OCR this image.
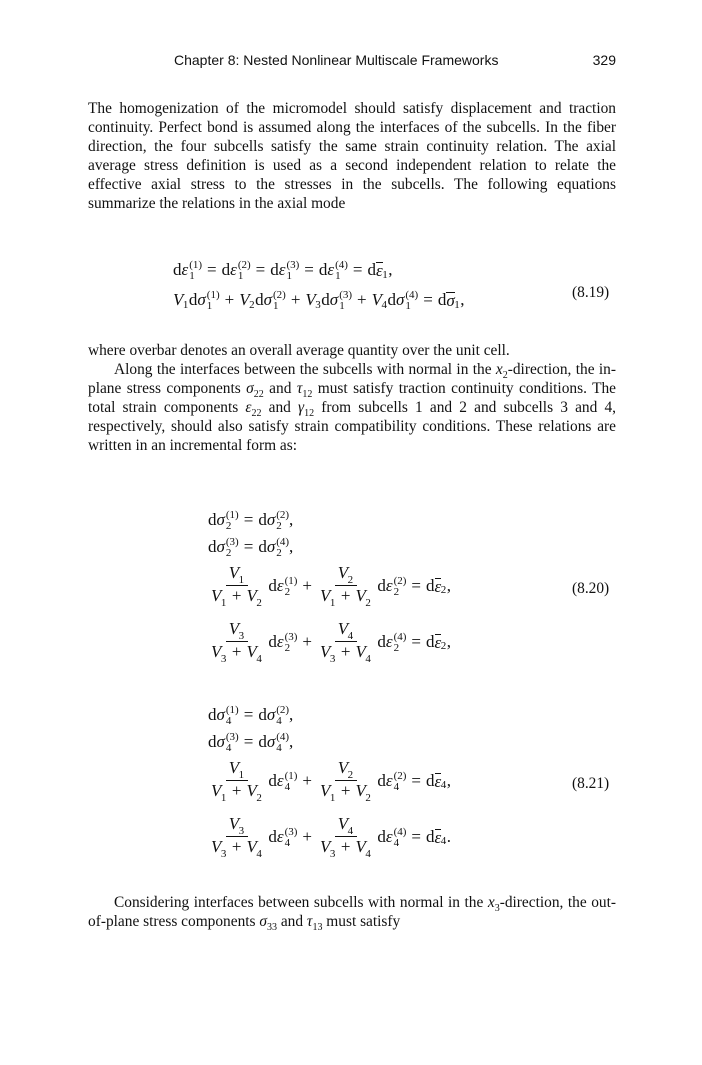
Chapter 8: Nested Nonlinear Multiscale Frameworks	329

The homogenization of the micromodel should satisfy displacement and traction continuity. Perfect bond is assumed along the interfaces of the subcells. In the fiber direction, the four subcells satisfy the same strain continuity relation. The axial average stress definition is used as a second independent relation to relate the effective axial stress to the stresses in the subcells. The following equations summarize the relations in the axial mode

d ε (1)
1 = d ε (2)
1 = d ε (3)
1 = d ε (4)
1 = d ε 1 ,
V 1 d σ (1)
1 + V 2 d σ (2)
1 + V 3 d σ (3)
1 + V 4 d σ (4)
1 = d σ 1 ,	(8.19)

where overbar denotes an overall average quantity over the unit cell.

Along the interfaces between the subcells with normal in the $x_2$-direction, the in-plane stress components $\sigma_{22}$ and $\tau_{12}$ must satisfy traction continuity conditions. The total strain components $\varepsilon_{22}$ and $\gamma_{12}$ from subcells 1 and 2 and subcells 3 and 4, respectively, should also satisfy strain compatibility conditions. These relations are written in an incremental form as:

d σ (1)
2 = d σ (2)
2 ,
d σ (3)
2 = d σ (4)
2 ,
$\frac{V_1}{V_1 + V_2}$ d ε (1)
$2 + \frac{V_2}{V_1 + V_2}$ d ε (2)
2 = d ε 2 ,
$\frac{V_3}{V_3 + V_4}$ d ε (3)
$2 + \frac{V_4}{V_3 + V_4}$ d ε (4)
2 = d ε 2 ,
(8.20)
d σ (1)
4 = d σ (2)
4 ,
d σ (3)
4 = d σ (4)
4 ,
$\frac{V_1}{V_1 + V_2}$ d ε (1)
$4 + \frac{V_2}{V_1 + V_2}$ d ε (2)
4 = d ε 4 ,
$\frac{V_3}{V_3 + V_4}$ d ε (3)
$4 + \frac{V_4}{V_3 + V_4}$ d ε (4)
4 = d ε 4 .
(8.21)

Considering interfaces between subcells with normal in the $x_3$-direction, the out-of-plane stress components $\sigma_{33}$ and $\tau_{13}$ must satisfy
